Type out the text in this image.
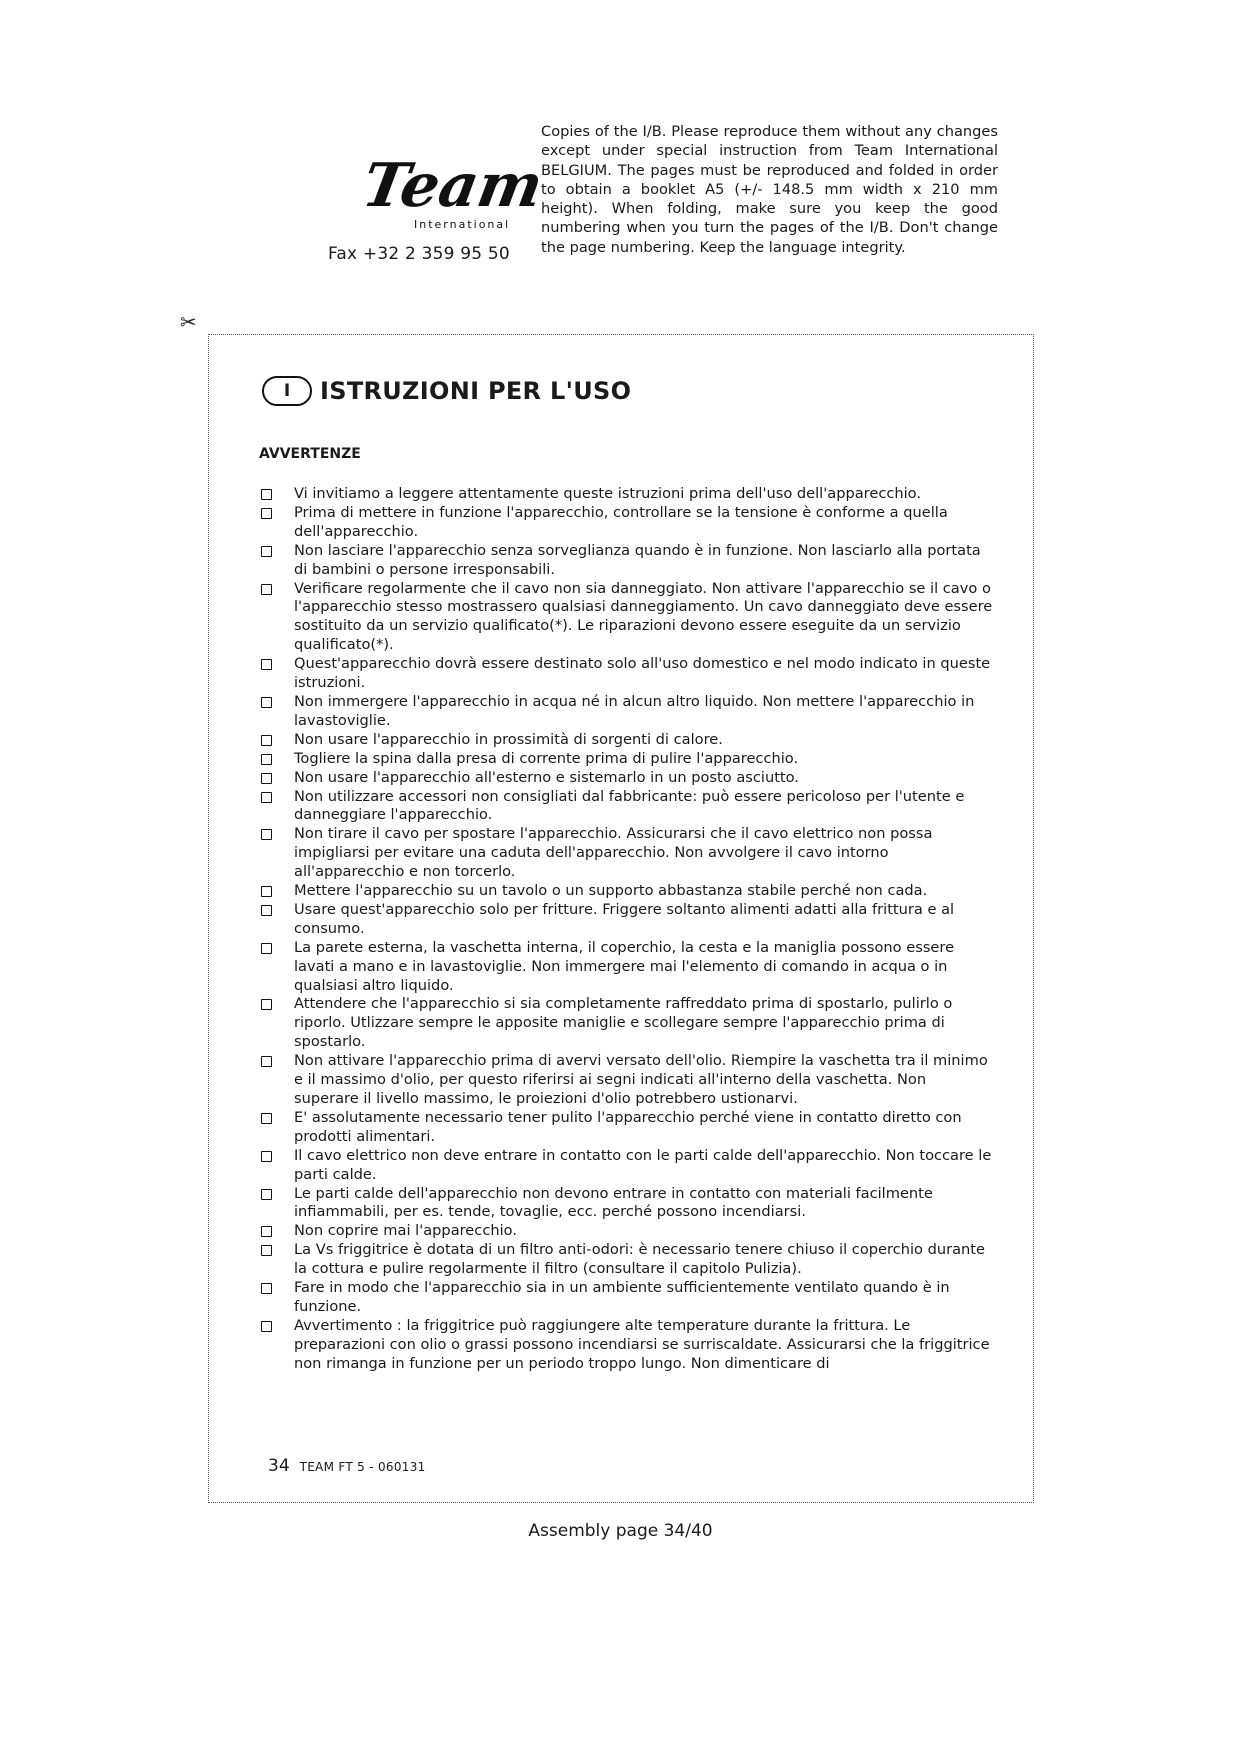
Team
International
Fax +32 2 359 95 50
Copies of the I/B. Please reproduce them without any changes except under special instruction from Team International BELGIUM. The pages must be reproduced and folded in order to obtain a booklet A5 (+/- 148.5 mm width x 210 mm height). When folding, make sure you keep the good numbering when you turn the pages of the I/B. Don't change the page numbering. Keep the language integrity.
✂
I	ISTRUZIONI PER L'USO
AVVERTENZE
Vi invitiamo a leggere attentamente queste istruzioni prima dell'uso dell'apparecchio.
Prima di mettere in funzione l'apparecchio, controllare se la tensione è conforme a quella dell'apparecchio.
Non lasciare l'apparecchio senza sorveglianza quando è in funzione. Non lasciarlo alla portata di bambini o persone irresponsabili.
Verificare regolarmente che il cavo non sia danneggiato. Non attivare l'apparecchio se il cavo o l'apparecchio stesso mostrassero qualsiasi danneggiamento. Un cavo danneggiato deve essere sostituito da un servizio qualificato(*). Le riparazioni devono essere eseguite da un servizio qualificato(*).
Quest'apparecchio dovrà essere destinato solo all'uso domestico e nel modo indicato in queste istruzioni.
Non immergere l'apparecchio in acqua né in alcun altro liquido. Non mettere l'apparecchio in lavastoviglie.
Non usare l'apparecchio in prossimità di sorgenti di calore.
Togliere la spina dalla presa di corrente prima di pulire l'apparecchio.
Non usare l'apparecchio all'esterno e sistemarlo in un posto asciutto.
Non utilizzare accessori non consigliati dal fabbricante: può essere pericoloso per l'utente e danneggiare l'apparecchio.
Non tirare il cavo per spostare l'apparecchio. Assicurarsi che il cavo elettrico non possa impigliarsi per evitare una caduta dell'apparecchio. Non avvolgere il cavo intorno all'apparecchio e non torcerlo.
Mettere l'apparecchio su un tavolo o un supporto abbastanza stabile perché non cada.
Usare quest'apparecchio solo per fritture. Friggere soltanto alimenti adatti alla frittura e al consumo.
La parete esterna, la vaschetta interna, il coperchio, la cesta e la maniglia possono essere lavati a mano e in lavastoviglie. Non immergere mai l'elemento di comando in acqua o in qualsiasi altro liquido.
Attendere che l'apparecchio si sia completamente raffreddato prima di spostarlo, pulirlo o riporlo. Utlizzare sempre le apposite maniglie e scollegare sempre l'apparecchio prima di spostarlo.
Non attivare l'apparecchio prima di avervi versato dell'olio. Riempire la vaschetta tra il minimo e il massimo d'olio, per questo riferirsi ai segni indicati all'interno della vaschetta. Non superare il livello massimo, le proiezioni d'olio potrebbero ustionarvi.
E' assolutamente necessario tener pulito l'apparecchio perché viene in contatto diretto con prodotti alimentari.
Il cavo elettrico non deve entrare in contatto con le parti calde dell'apparecchio. Non toccare le parti calde.
Le parti calde dell'apparecchio non devono entrare in contatto con materiali facilmente infiammabili, per es. tende, tovaglie, ecc. perché possono incendiarsi.
Non coprire mai l'apparecchio.
La Vs friggitrice è dotata di un filtro anti-odori: è necessario tenere chiuso il coperchio durante la cottura e pulire regolarmente il filtro (consultare il capitolo Pulizia).
Fare in modo che l'apparecchio sia in un ambiente sufficientemente ventilato quando è in funzione.
Avvertimento : la friggitrice può raggiungere alte temperature durante la frittura. Le preparazioni con olio o grassi possono incendiarsi se surriscaldate. Assicurarsi che la friggitrice non rimanga in funzione per un periodo troppo lungo. Non dimenticare di
34 TEAM FT 5 - 060131
Assembly page 34/40
